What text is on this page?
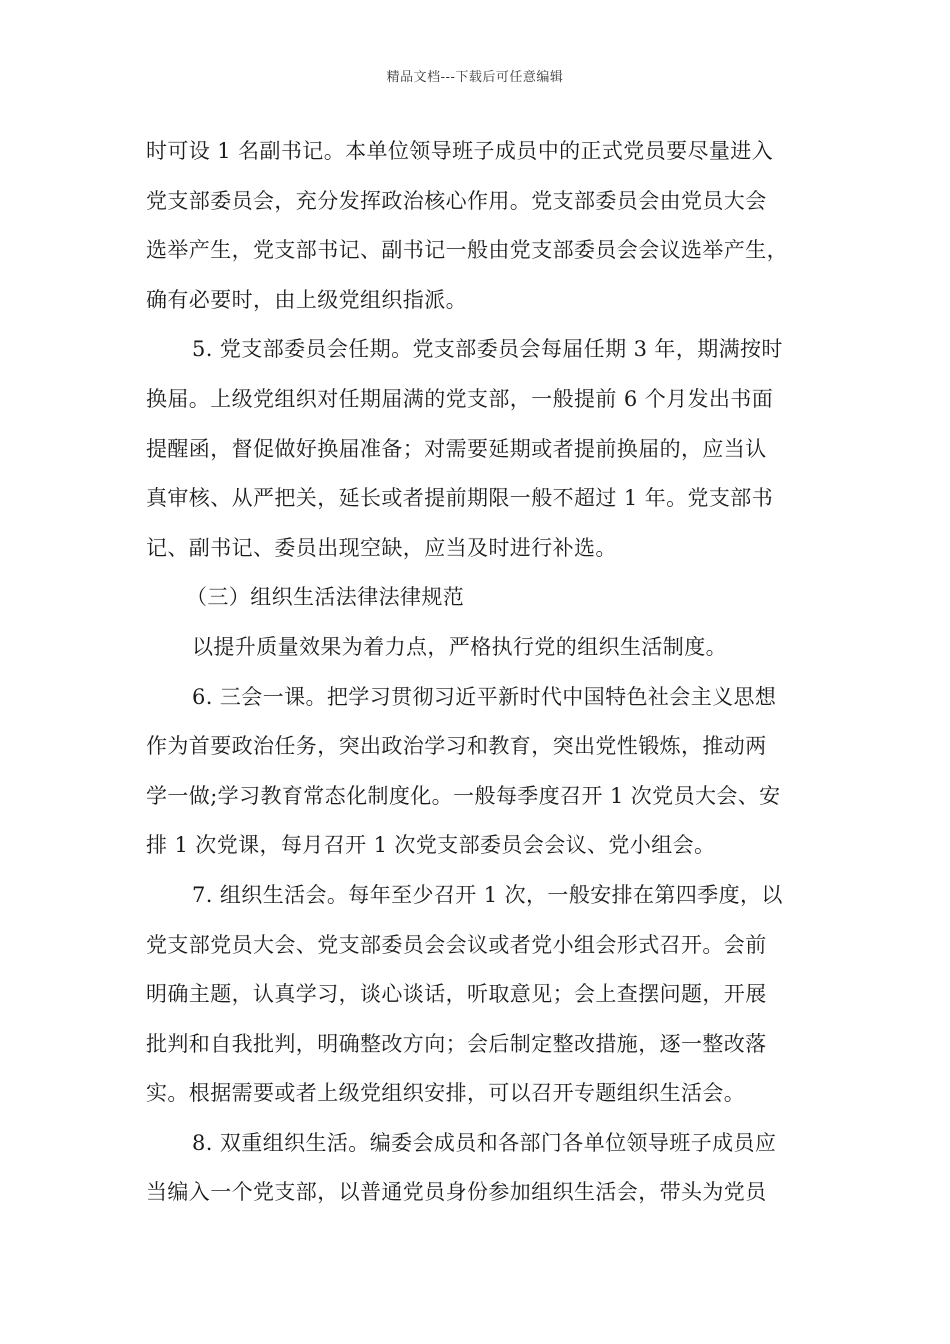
精品文档---下载后可任意编辑
时可设 1 名副书记。本单位领导班子成员中的正式党员要尽量进入
党支部委员会，充分发挥政治核心作用。党支部委员会由党员大会
选举产生，党支部书记、副书记一般由党支部委员会会议选举产生，
确有必要时，由上级党组织指派。
5. 党支部委员会任期。党支部委员会每届任期 3 年，期满按时
换届。上级党组织对任期届满的党支部，一般提前 6 个月发出书面
提醒函，督促做好换届准备；对需要延期或者提前换届的，应当认
真审核、从严把关，延长或者提前期限一般不超过 1 年。党支部书
记、副书记、委员出现空缺，应当及时进行补选。
（三）组织生活法律法律规范
以提升质量效果为着力点，严格执行党的组织生活制度。
6. 三会一课。把学习贯彻习近平新时代中国特色社会主义思想
作为首要政治任务，突出政治学习和教育，突出党性锻炼，推动两
学一做;学习教育常态化制度化。一般每季度召开 1 次党员大会、安
排 1 次党课，每月召开 1 次党支部委员会会议、党小组会。
7. 组织生活会。每年至少召开 1 次，一般安排在第四季度，以
党支部党员大会、党支部委员会会议或者党小组会形式召开。会前
明确主题，认真学习，谈心谈话，听取意见；会上查摆问题，开展
批判和自我批判，明确整改方向；会后制定整改措施，逐一整改落
实。根据需要或者上级党组织安排，可以召开专题组织生活会。
8. 双重组织生活。编委会成员和各部门各单位领导班子成员应
当编入一个党支部，以普通党员身份参加组织生活会，带头为党员
